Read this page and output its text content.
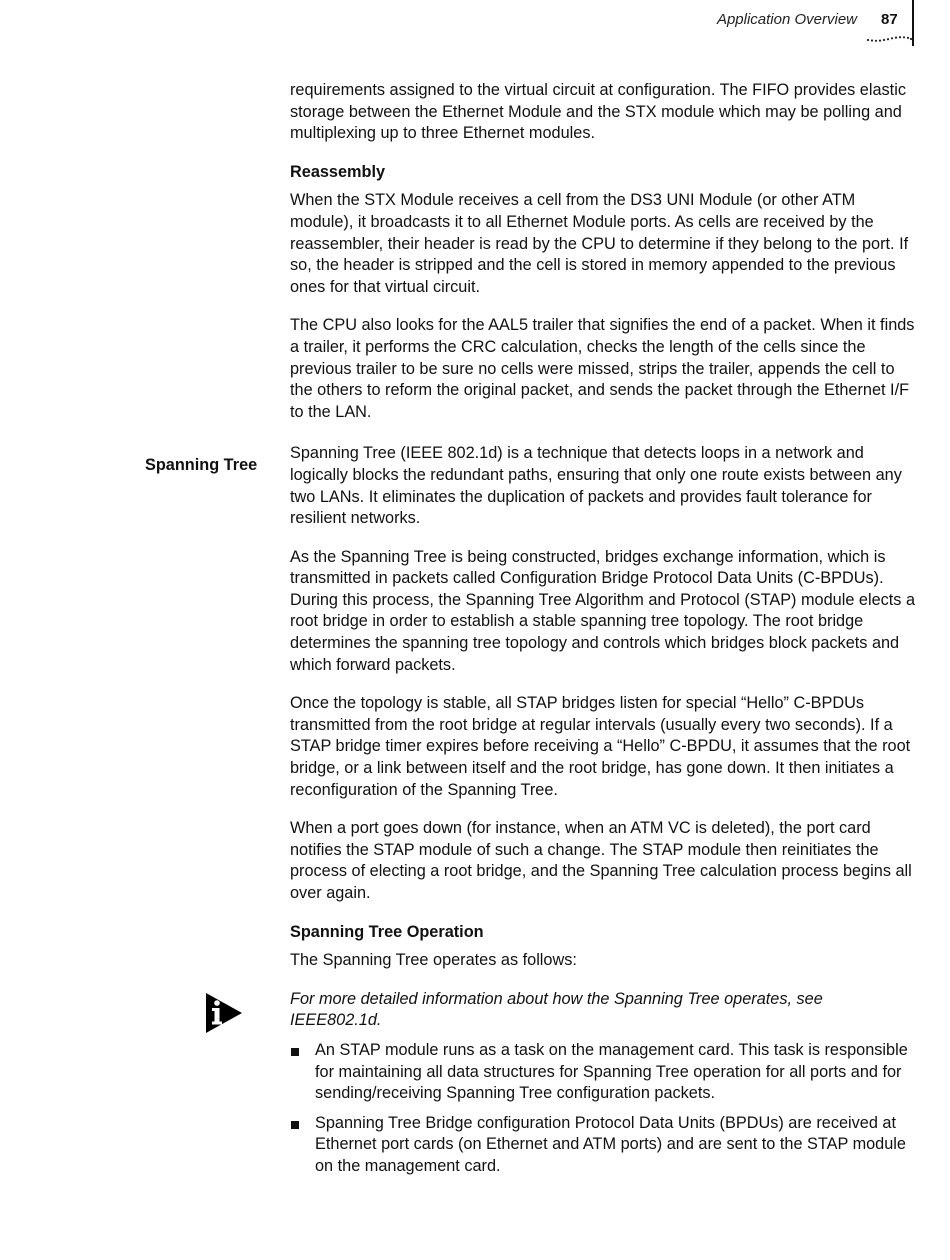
Application Overview 87
Spanning Tree

requirements assigned to the virtual circuit at configuration. The FIFO provides elastic storage between the Ethernet Module and the STX module which may be polling and multiplexing up to three Ethernet modules.

Reassembly

When the STX Module receives a cell from the DS3 UNI Module (or other ATM module), it broadcasts it to all Ethernet Module ports. As cells are received by the reassembler, their header is read by the CPU to determine if they belong to the port. If so, the header is stripped and the cell is stored in memory appended to the previous ones for that virtual circuit.

The CPU also looks for the AAL5 trailer that signifies the end of a packet. When it finds a trailer, it performs the CRC calculation, checks the length of the cells since the previous trailer to be sure no cells were missed, strips the trailer, appends the cell to the others to reform the original packet, and sends the packet through the Ethernet I/F to the LAN.

Spanning Tree (IEEE 802.1d) is a technique that detects loops in a network and logically blocks the redundant paths, ensuring that only one route exists between any two LANs. It eliminates the duplication of packets and provides fault tolerance for resilient networks.

As the Spanning Tree is being constructed, bridges exchange information, which is transmitted in packets called Configuration Bridge Protocol Data Units (C-BPDUs). During this process, the Spanning Tree Algorithm and Protocol (STAP) module elects a root bridge in order to establish a stable spanning tree topology. The root bridge determines the spanning tree topology and controls which bridges block packets and which forward packets.

Once the topology is stable, all STAP bridges listen for special “Hello” C-BPDUs transmitted from the root bridge at regular intervals (usually every two seconds). If a STAP bridge timer expires before receiving a “Hello” C-BPDU, it assumes that the root bridge, or a link between itself and the root bridge, has gone down. It then initiates a reconfiguration of the Spanning Tree.

When a port goes down (for instance, when an ATM VC is deleted), the port card notifies the STAP module of such a change. The STAP module then reinitiates the process of electing a root bridge, and the Spanning Tree calculation process begins all over again.

Spanning Tree Operation

The Spanning Tree operates as follows:

For more detailed information about how the Spanning Tree operates, see IEEE802.1d.
An STAP module runs as a task on the management card. This task is responsible for maintaining all data structures for Spanning Tree operation for all ports and for sending/receiving Spanning Tree configuration packets.
Spanning Tree Bridge configuration Protocol Data Units (BPDUs) are received at Ethernet port cards (on Ethernet and ATM ports) and are sent to the STAP module on the management card.
